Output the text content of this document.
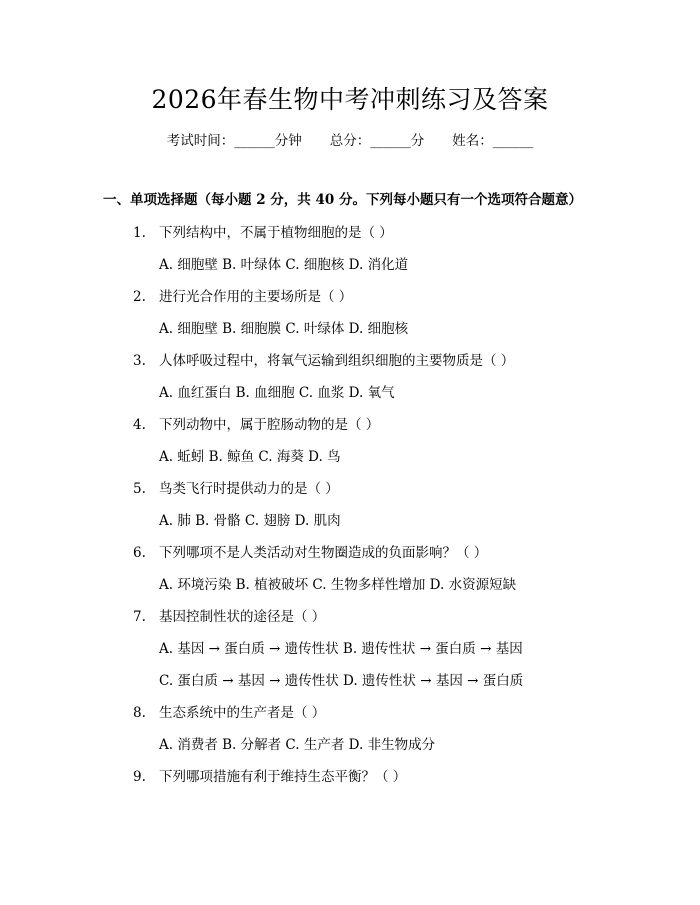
2026年春生物中考冲刺练习及答案
考试时间：______分钟 总分：______分 姓名：______
一、单项选择题（每小题 2 分，共 40 分。下列每小题只有一个选项符合题意）
1. 下列结构中，不属于植物细胞的是（ ）
A. 细胞壁 B. 叶绿体 C. 细胞核 D. 消化道
2. 进行光合作用的主要场所是（ ）
A. 细胞壁 B. 细胞膜 C. 叶绿体 D. 细胞核
3. 人体呼吸过程中，将氧气运输到组织细胞的主要物质是（ ）
A. 血红蛋白 B. 血细胞 C. 血浆 D. 氧气
4. 下列动物中，属于腔肠动物的是（ ）
A. 蚯蚓 B. 鲸鱼 C. 海葵 D. 鸟
5. 鸟类飞行时提供动力的是（ ）
A. 肺 B. 骨骼 C. 翅膀 D. 肌肉
6. 下列哪项不是人类活动对生物圈造成的负面影响？（ ）
A. 环境污染 B. 植被破坏 C. 生物多样性增加 D. 水资源短缺
7. 基因控制性状的途径是（ ）
A. 基因 → 蛋白质 → 遗传性状 B. 遗传性状 → 蛋白质 → 基因
C. 蛋白质 → 基因 → 遗传性状 D. 遗传性状 → 基因 → 蛋白质
8. 生态系统中的生产者是（ ）
A. 消费者 B. 分解者 C. 生产者 D. 非生物成分
9. 下列哪项措施有利于维持生态平衡？（ ）
